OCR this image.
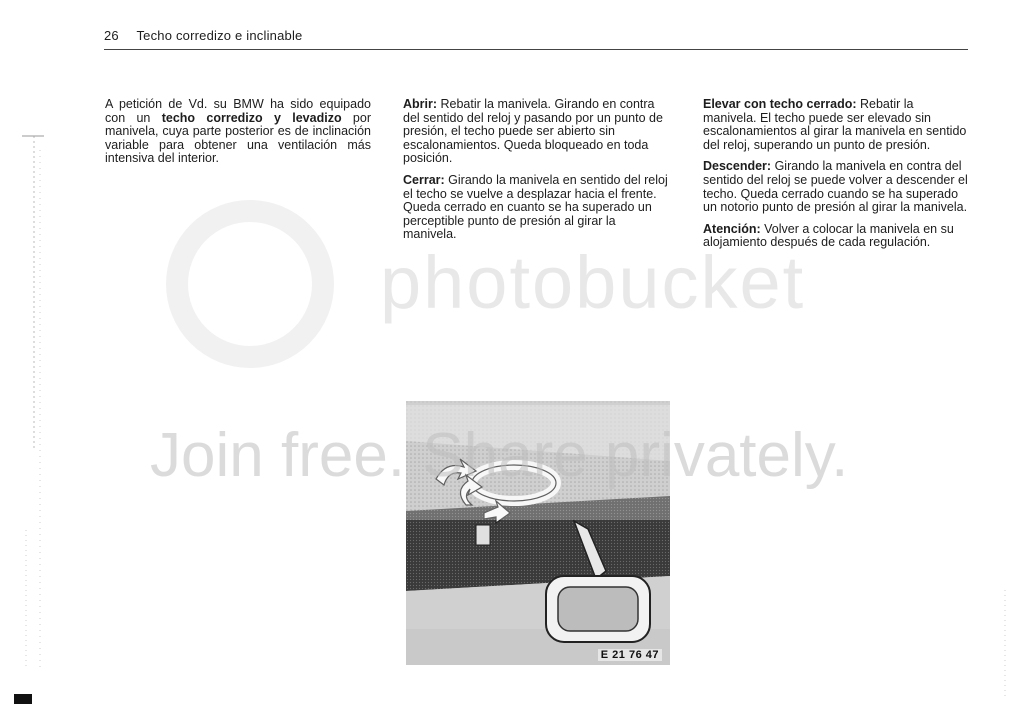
26 Techo corredizo e inclinable

A petición de Vd. su BMW ha sido equipado con un techo corredizo y levadizo por manivela, cuya parte posterior es de inclinación variable para obtener una ventilación más intensiva del interior.

Abrir: Rebatir la manivela. Girando en contra del sentido del reloj y pasando por un punto de presión, el techo puede ser abierto sin escalonamientos. Queda bloqueado en toda posición.

Cerrar: Girando la manivela en sentido del reloj el techo se vuelve a desplazar hacia el frente. Queda cerrado en cuanto se ha superado un perceptible punto de presión al girar la manivela.

Elevar con techo cerrado: Rebatir la manivela. El techo puede ser elevado sin escalonamientos al girar la manivela en sentido del reloj, superando un punto de presión.

Descender: Girando la manivela en contra del sentido del reloj se puede volver a descender el techo. Queda cerrado cuando se ha superado un notorio punto de presión al girar la manivela.

Atención: Volver a colocar la manivela en su alojamiento después de cada regulación.

E 21 76 47
photobucket
Join free. Share privately.
